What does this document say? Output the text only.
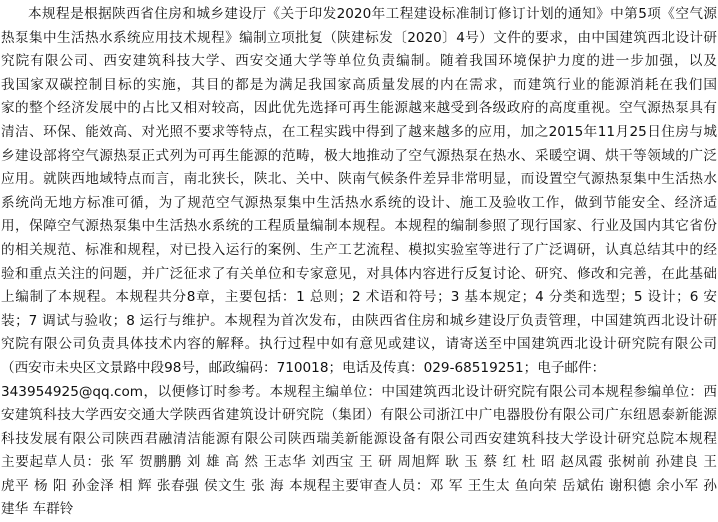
本规程是根据陕西省住房和城乡建设厅《关于印发2020年工程建设标准制订修订计划的通知》中第5项《空气源
热泵集中生活热水系统应用技术规程》编制立项批复（陕建标发〔2020〕4号）文件的要求，由中国建筑西北设计研
究院有限公司、西安建筑科技大学、西安交通大学等单位负责编制。随着我国环境保护力度的进一步加强，以及
我国家双碳控制目标的实施，其目的都是为满足我国家高质量发展的内在需求，而建筑行业的能源消耗在我们国
家的整个经济发展中的占比又相对较高，因此优先选择可再生能源越来越受到各级政府的高度重视。空气源热泵具有
清洁、环保、能效高、对光照不要求等特点，在工程实践中得到了越来越多的应用，加之2015年11月25日住房与城
乡建设部将空气源热泵正式列为可再生能源的范畴，极大地推动了空气源热泵在热水、采暖空调、烘干等领域的广泛
应用。就陕西地域特点而言，南北狭长，陕北、关中、陕南气候条件差异非常明显，而设置空气源热泵集中生活热水
系统尚无地方标准可循，为了规范空气源热泵集中生活热水系统的设计、施工及验收工作，做到节能安全、经济适
用，保障空气源热泵集中生活热水系统的工程质量编制本规程。本规程的编制参照了现行国家、行业及国内其它省份
的相关规范、标准和规程，对已投入运行的案例、生产工艺流程、模拟实验室等进行了广泛调研，认真总结其中的经
验和重点关注的问题，并广泛征求了有关单位和专家意见，对具体内容进行反复讨论、研究、修改和完善，在此基础
上编制了本规程。本规程共分8章，主要包括：1 总则；2 术语和符号；3 基本规定；4 分类和选型；5 设计；6 安
装；7 调试与验收；8 运行与维护。本规程为首次发布，由陕西省住房和城乡建设厅负责管理，中国建筑西北设计研
究院有限公司负责具体技术内容的解释。执行过程中如有意见或建议，请寄送至中国建筑西北设计研究院有限公司
（西安市未央区文景路中段98号，邮政编码：710018；电话及传真：029-68519251；电子邮件：
343954925@qq.com，以便修订时参考。本规程主编单位：中国建筑西北设计研究院有限公司本规程参编单位：西
安建筑科技大学西安交通大学陕西省建筑设计研究院（集团）有限公司浙江中广电器股份有限公司广东纽恩泰新能源
科技发展有限公司陕西君融清洁能源有限公司陕西瑞美新能源设备有限公司西安建筑科技大学设计研究总院本规程
主要起草人员：张 军 贺鹏鹏 刘 雄 高 然 王志华 刘西宝 王 研 周旭辉 耿 玉 蔡 红 杜 昭 赵凤霞 张树前 孙建良 王
虎平 杨 阳 孙金泽 相 辉 张春强 侯文生 张 海 本规程主要审查人员：邓 军 王生太 鱼向荣 岳斌佑 谢积德 余小军 孙
建华 车群铃
